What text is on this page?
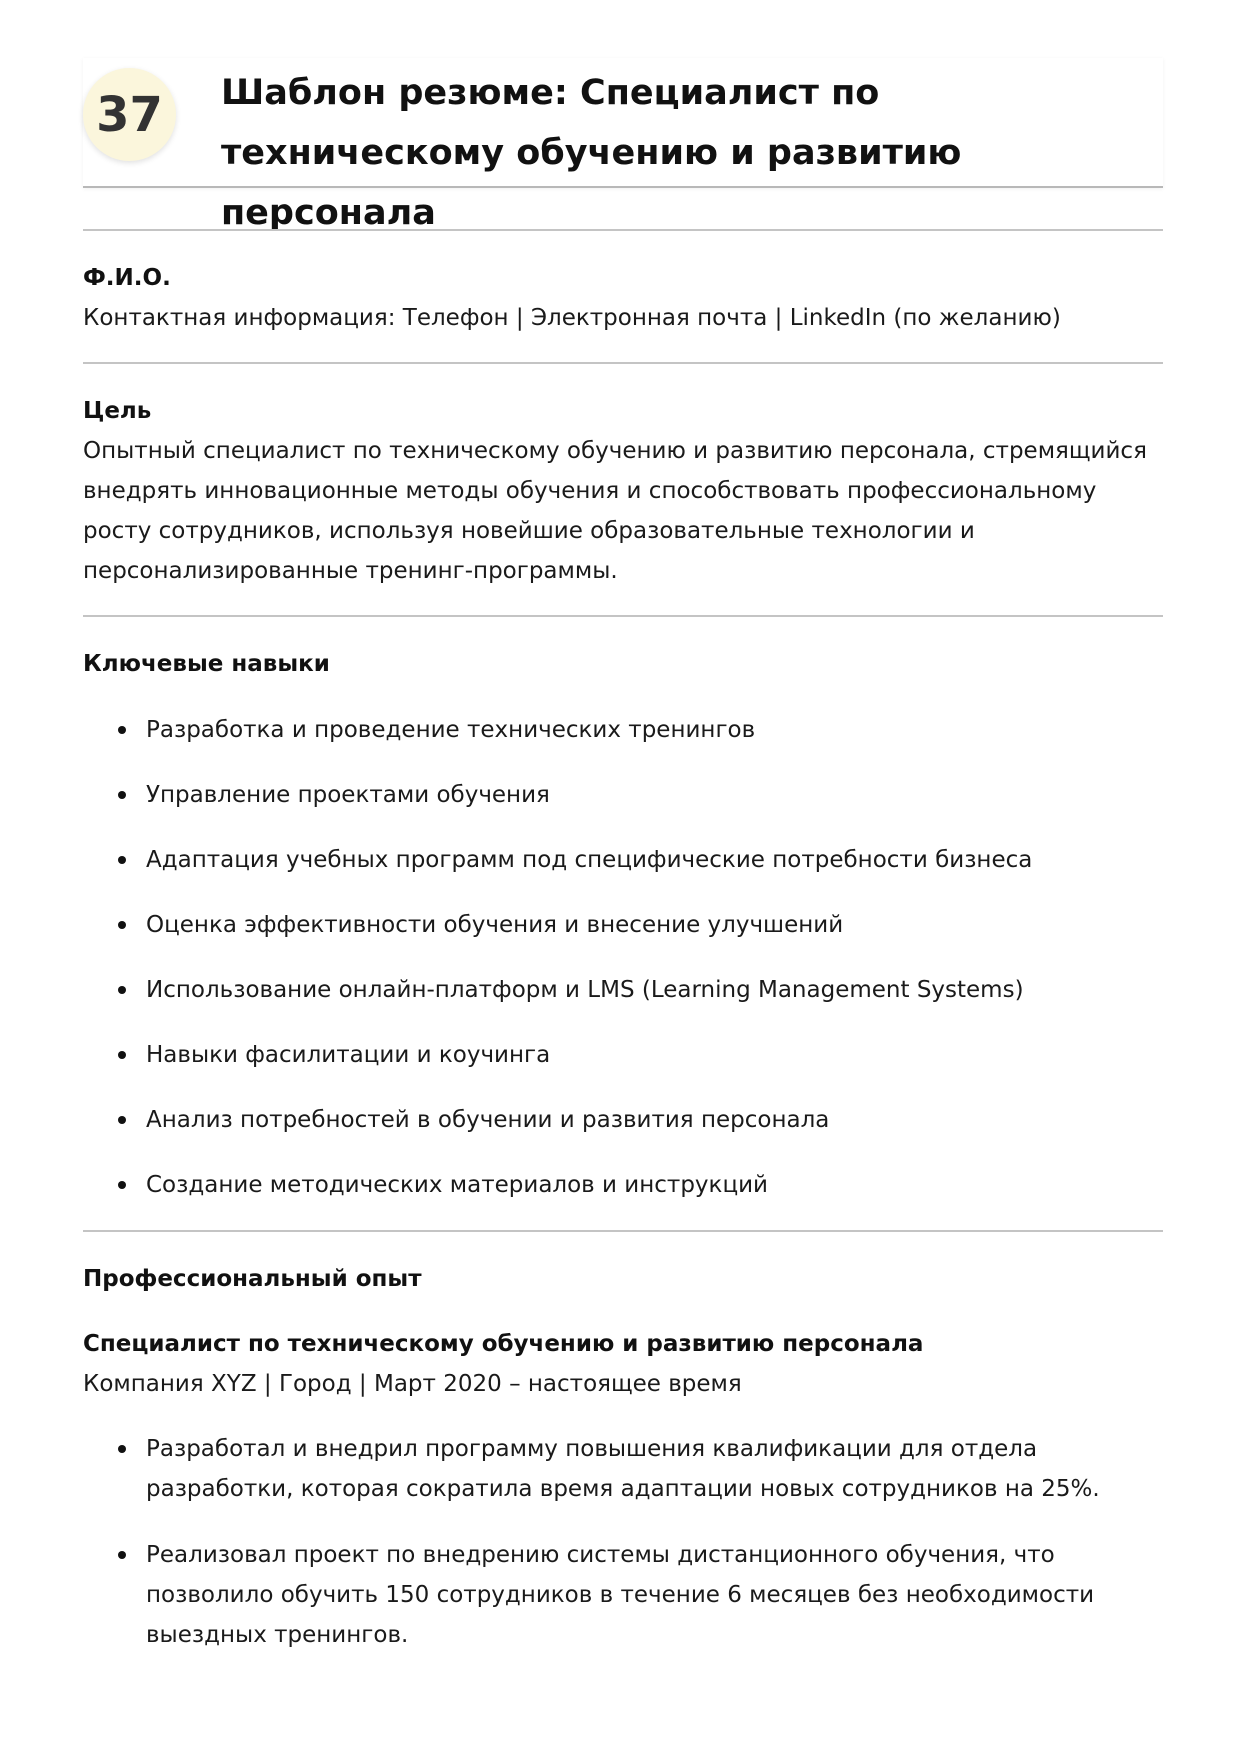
37	Шаблон резюме: Специалист по техническому обучению и развитию персонала

Ф.И.О.

Контактная информация: Телефон | Электронная почта | LinkedIn (по желанию)

Цель

Опытный специалист по техническому обучению и развитию персонала, стремящийся внедрять инновационные методы обучения и способствовать профессиональному росту сотрудников, используя новейшие образовательные технологии и персонализированные тренинг-программы.

Ключевые навыки

Разработка и проведение технических тренингов
Управление проектами обучения
Адаптация учебных программ под специфические потребности бизнеса
Оценка эффективности обучения и внесение улучшений
Использование онлайн-платформ и LMS (Learning Management Systems)
Навыки фасилитации и коучинга
Анализ потребностей в обучении и развития персонала
Создание методических материалов и инструкций

Профессиональный опыт

Специалист по техническому обучению и развитию персонала

Компания XYZ | Город | Март 2020 – настоящее время

Разработал и внедрил программу повышения квалификации для отдела разработки, которая сократила время адаптации новых сотрудников на 25%.
Реализовал проект по внедрению системы дистанционного обучения, что позволило обучить 150 сотрудников в течение 6 месяцев без необходимости выездных тренингов.
